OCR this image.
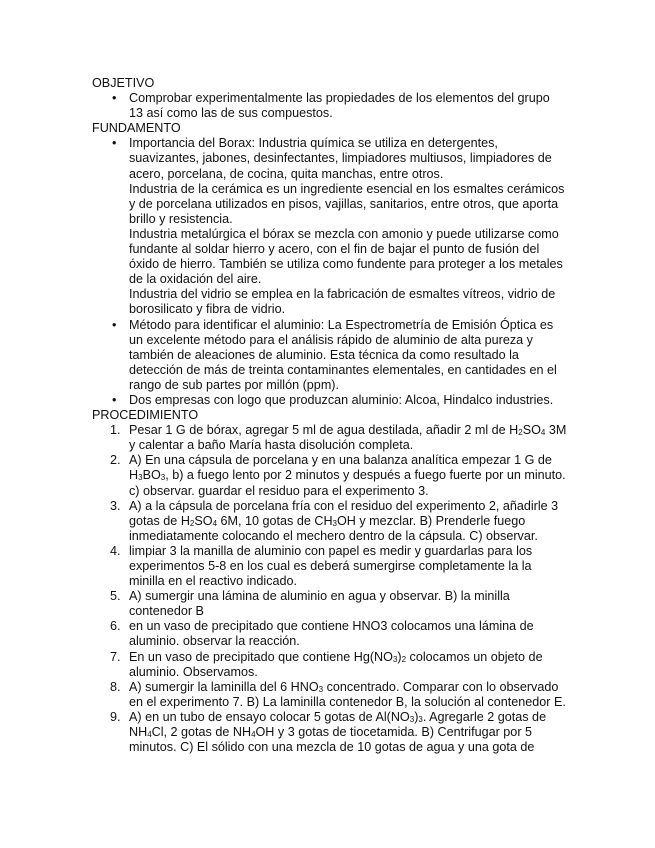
OBJETIVO
• Comprobar experimentalmente las propiedades de los elementos del grupo 13 así como las de sus compuestos.
FUNDAMENTO

• Importancia del Borax: Industria química se utiliza en detergentes, suavizantes, jabones, desinfectantes, limpiadores multiusos, limpiadores de acero, porcelana, de cocina, quita manchas, entre otros.

Industria de la cerámica es un ingrediente esencial en los esmaltes cerámicos y de porcelana utilizados en pisos, vajillas, sanitarios, entre otros, que aporta brillo y resistencia.

Industria metalúrgica el bórax se mezcla con amonio y puede utilizarse como fundante al soldar hierro y acero, con el fin de bajar el punto de fusión del óxido de hierro. También se utiliza como fundente para proteger a los metales de la oxidación del aire.

Industria del vidrio se emplea en la fabricación de esmaltes vítreos, vidrio de borosilicato y fibra de vidrio.

• Método para identificar el aluminio: La Espectrometría de Emisión Óptica es un excelente método para el análisis rápido de aluminio de alta pureza y también de aleaciones de aluminio. Esta técnica da como resultado la detección de más de treinta contaminantes elementales, en cantidades en el rango de sub partes por millón (ppm).
• Dos empresas con logo que produzcan aluminio: Alcoa, Hindalco industries.
PROCEDIMIENTO
1. Pesar 1 G de bórax, agregar 5 ml de agua destilada, añadir 2 ml de $H_2SO_4$ 3M y calentar a baño María hasta disolución completa.
2. A) En una cápsula de porcelana y en una balanza analítica empezar 1 G de $H_3BO_3$, b) a fuego lento por 2 minutos y después a fuego fuerte por un minuto. c) observar. guardar el residuo para el experimento 3.
3. A) a la cápsula de porcelana fría con el residuo del experimento 2, añadirle 3 gotas de $H_2SO_4$ 6M, 10 gotas de $CH_3OH$ y mezclar. B) Prenderle fuego inmediatamente colocando el mechero dentro de la cápsula. C) observar.
4. limpiar 3 la manilla de aluminio con papel es medir y guardarlas para los experimentos 5-8 en los cual es deberá sumergirse completamente la la minilla en el reactivo indicado.
5. A) sumergir una lámina de aluminio en agua y observar. B) la minilla contenedor B
6. en un vaso de precipitado que contiene HNO3 colocamos una lámina de aluminio. observar la reacción.
7. En un vaso de precipitado que contiene $Hg(NO_3)_2$ colocamos un objeto de aluminio. Observamos.
8. A) sumergir la laminilla del 6 $HNO_3$ concentrado. Comparar con lo observado en el experimento 7. B) La laminilla contenedor B, la solución al contenedor E.
9. A) en un tubo de ensayo colocar 5 gotas de $Al(NO_3)_3$. Agregarle 2 gotas de $NH_4Cl$, 2 gotas de $NH_4OH$ y 3 gotas de tiocetamida. B) Centrifugar por 5 minutos. C) El sólido con una mezcla de 10 gotas de agua y una gota de
